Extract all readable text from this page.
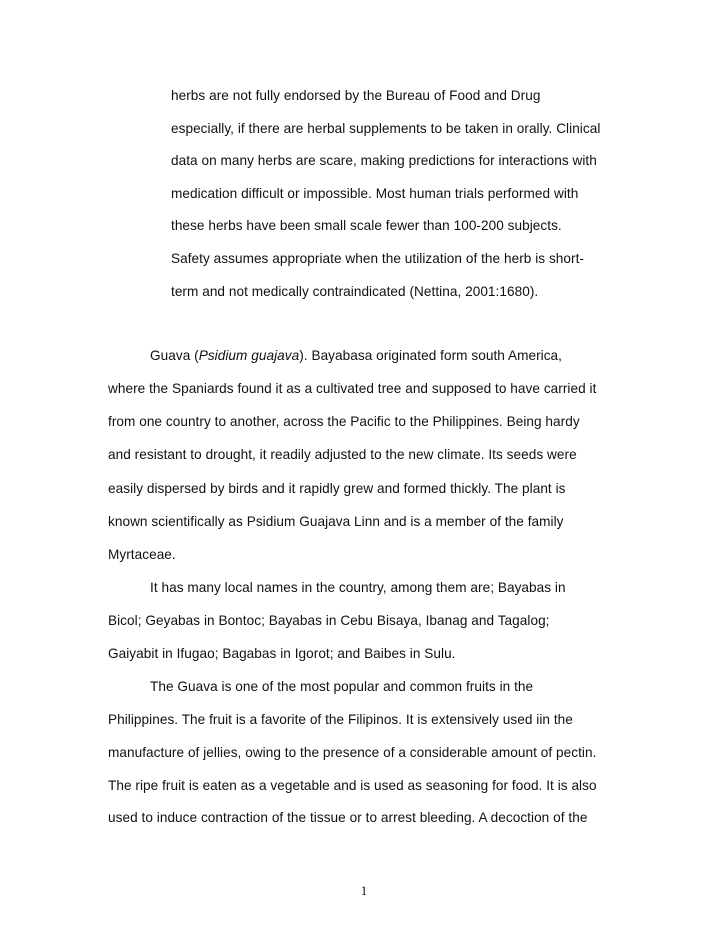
herbs are not fully endorsed by the Bureau of Food and Drug
especially, if there are herbal supplements to be taken in orally. Clinical
data on many herbs are scare, making predictions for interactions with
medication difficult or impossible. Most human trials performed with
these herbs have been small scale fewer than 100-200 subjects.
Safety assumes appropriate when the utilization of the herb is short-
term and not medically contraindicated (Nettina, 2001:1680).
Guava (Psidium guajava). Bayabasa originated form south America,
where the Spaniards found it as a cultivated tree and supposed to have carried it
from one country to another, across the Pacific to the Philippines. Being hardy
and resistant to drought, it readily adjusted to the new climate. Its seeds were
easily dispersed by birds and it rapidly grew and formed thickly. The plant is
known scientifically as Psidium Guajava Linn and is a member of the family
Myrtaceae.
It has many local names in the country, among them are; Bayabas in
Bicol; Geyabas in Bontoc; Bayabas in Cebu Bisaya, Ibanag and Tagalog;
Gaiyabit in Ifugao; Bagabas in Igorot; and Baibes in Sulu.
The Guava is one of the most popular and common fruits in the
Philippines. The fruit is a favorite of the Filipinos. It is extensively used iin the
manufacture of jellies, owing to the presence of a considerable amount of pectin.
The ripe fruit is eaten as a vegetable and is used as seasoning for food. It is also
used to induce contraction of the tissue or to arrest bleeding. A decoction of the
1
